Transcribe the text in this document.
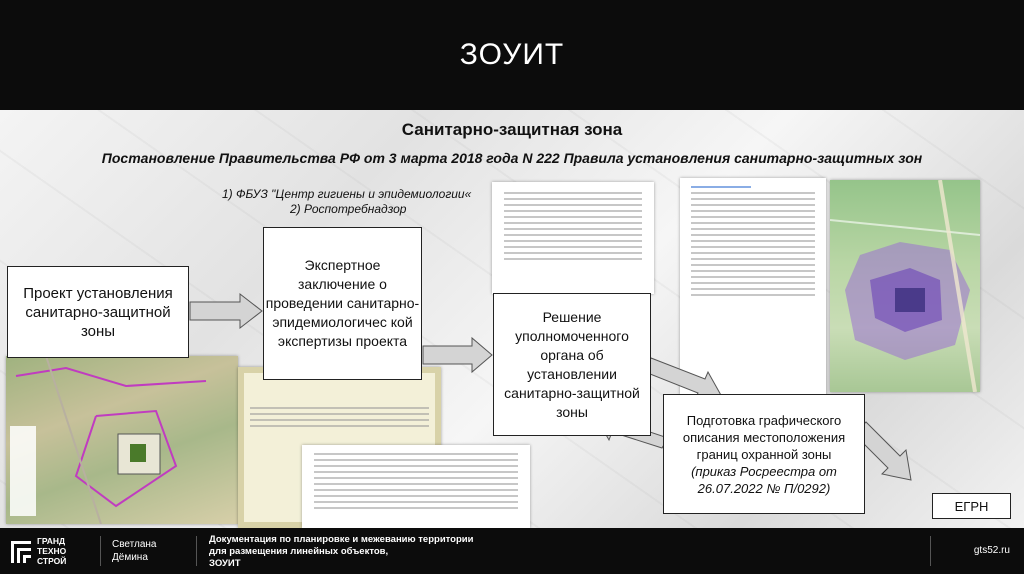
ЗОУИТ
Санитарно-защитная зона
Постановление Правительства РФ от 3 марта 2018 года N 222 Правила установления санитарно-защитных зон
1) ФБУЗ "Центр гигиены и эпидемиологии«
2) Роспотребнадзор
Проект установления санитарно-защитной зоны
Экспертное заключение о проведении санитарно-эпидемиологичес кой экспертизы проекта
Решение уполномоченного органа об установлении санитарно-защитной зоны
Подготовка графического описания местоположения границ охранной зоны
(приказ Росреестра от 26.07.2022 № П/0292)
ЕГРН
ГРАНД
ТЕХНО
СТРОЙ
Светлана
Дёмина
Документация по планировке и межеванию территории
для размещения линейных объектов,
ЗОУИТ
gts52.ru
